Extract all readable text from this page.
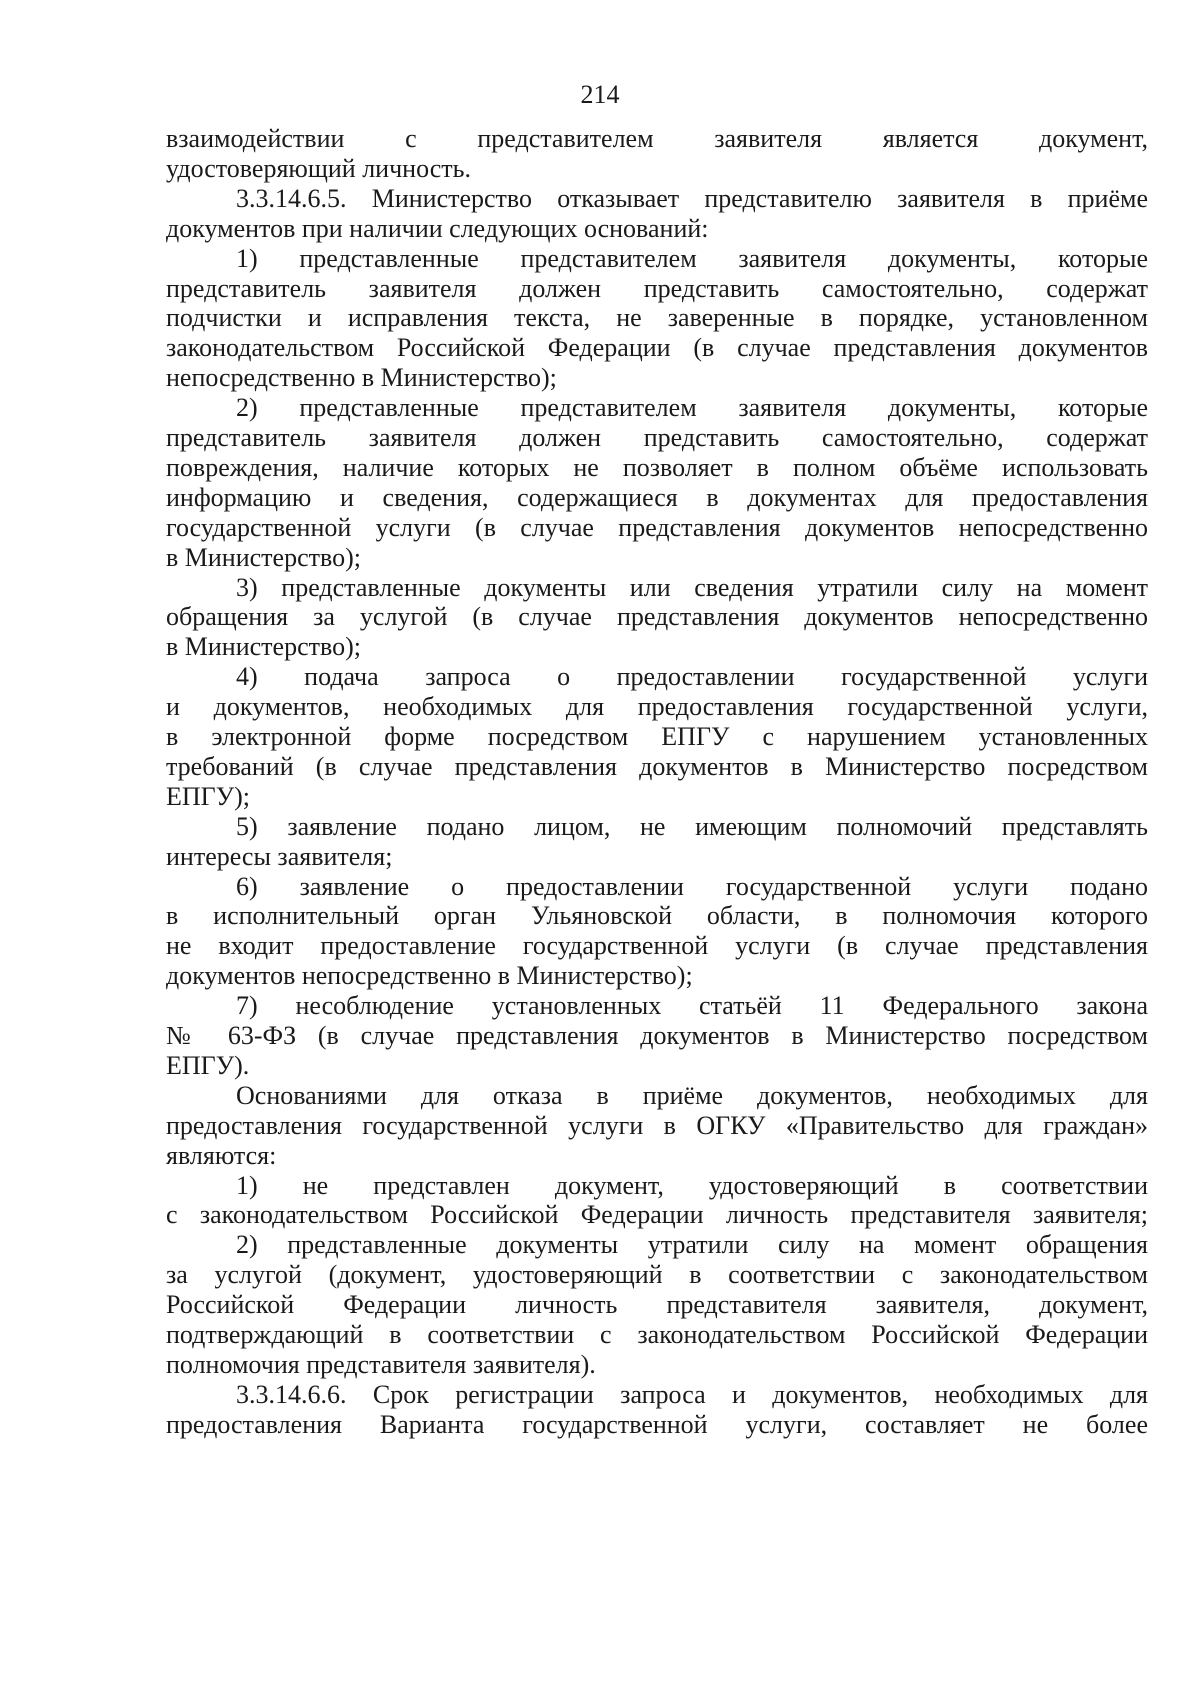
214
взаимодействии с представителем заявителя является документ,
удостоверяющий личность.
3.3.14.6.5. Министерство отказывает представителю заявителя в приёме
документов при наличии следующих оснований:
1) представленные представителем заявителя документы, которые
представитель заявителя должен представить самостоятельно, содержат
подчистки и исправления текста, не заверенные в порядке, установленном
законодательством Российской Федерации (в случае представления документов
непосредственно в Министерство);
2) представленные представителем заявителя документы, которые
представитель заявителя должен представить самостоятельно, содержат
повреждения, наличие которых не позволяет в полном объёме использовать
информацию и сведения, содержащиеся в документах для предоставления
государственной услуги (в случае представления документов непосредственно
в Министерство);
3) представленные документы или сведения утратили силу на момент
обращения за услугой (в случае представления документов непосредственно
в Министерство);
4) подача запроса о предоставлении государственной услуги
и документов, необходимых для предоставления государственной услуги,
в электронной форме посредством ЕПГУ с нарушением установленных
требований (в случае представления документов в Министерство посредством
ЕПГУ);
5) заявление подано лицом, не имеющим полномочий представлять
интересы заявителя;
6) заявление о предоставлении государственной услуги подано
в исполнительный орган Ульяновской области, в полномочия которого
не входит предоставление государственной услуги (в случае представления
документов непосредственно в Министерство);
7) несоблюдение установленных статьёй 11 Федерального закона
№ 63-ФЗ (в случае представления документов в Министерство посредством
ЕПГУ).
Основаниями для отказа в приёме документов, необходимых для
предоставления государственной услуги в ОГКУ «Правительство для граждан»
являются:
1) не представлен документ, удостоверяющий в соответствии
с законодательством Российской Федерации личность представителя заявителя;
2) представленные документы утратили силу на момент обращения
за услугой (документ, удостоверяющий в соответствии с законодательством
Российской Федерации личность представителя заявителя, документ,
подтверждающий в соответствии с законодательством Российской Федерации
полномочия представителя заявителя).
3.3.14.6.6. Срок регистрации запроса и документов, необходимых для
предоставления Варианта государственной услуги, составляет не более
